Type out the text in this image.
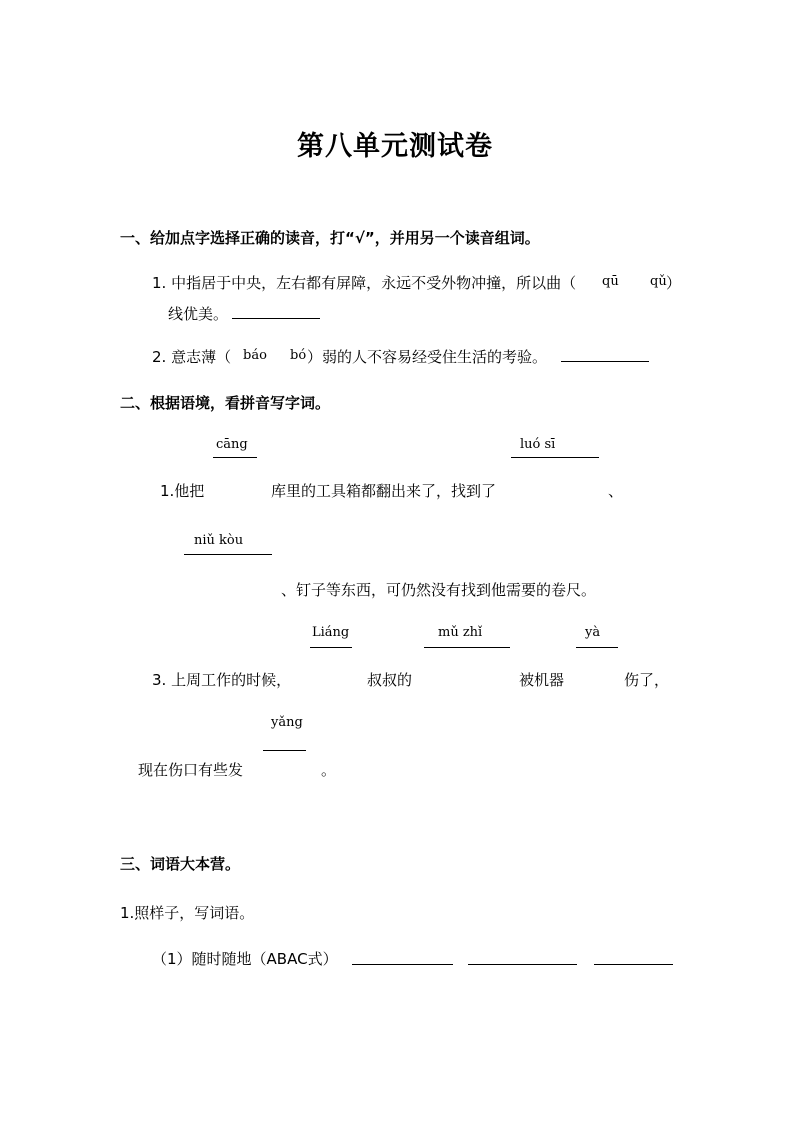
第八单元测试卷
一、给加点字选择正确的读音，打“√”，并用另一个读音组词。
1. 中指居于中央，左右都有屏障，永远不受外物冲撞，所以曲（ qū qǔ ）
线优美。
2. 意志薄（ báo bó ）弱的人不容易经受住生活的考验。
二、根据语境，看拼音写字词。
cāng	luó sī
1.他把	库里的工具箱都翻出来了，找到了	、
niǔ kòu
、钉子等东西，可仍然没有找到他需要的卷尺。
Liáng	mǔ zhǐ	yà
3. 上周工作的时候，	叔叔的	被机器	伤了，
yǎng
现在伤口有些发	。
三、词语大本营。
1.照样子，写词语。
（1）随时随地（ABAC式）
